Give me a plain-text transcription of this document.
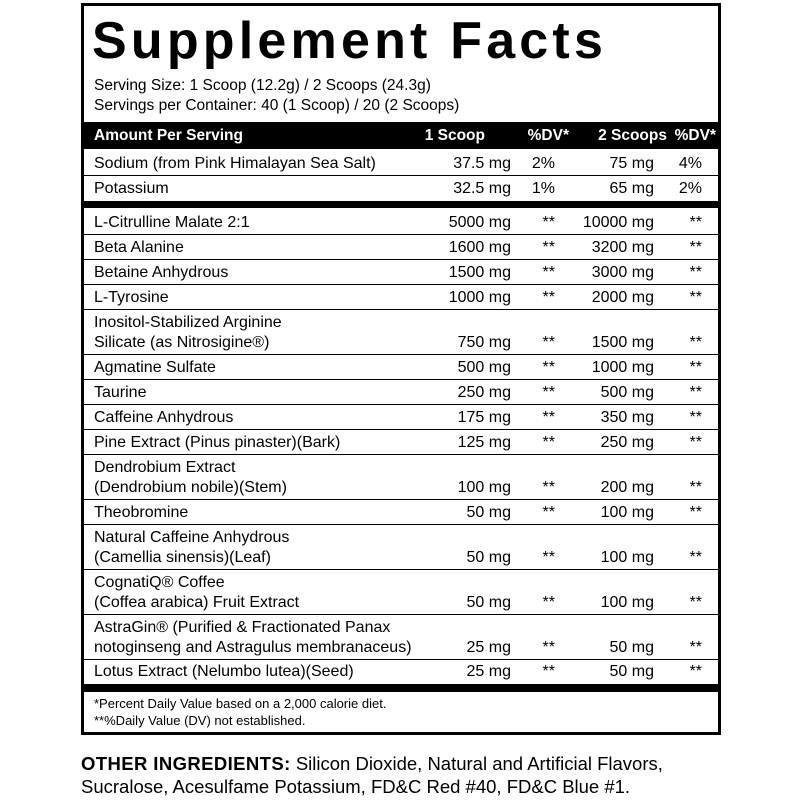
Supplement Facts
Serving Size: 1 Scoop (12.2g) / 2 Scoops (24.3g)
Servings per Container: 40 (1 Scoop) / 20 (2 Scoops)
Amount Per Serving	1 Scoop	%DV* 2 Scoops %DV*
Sodium (from Pink Himalayan Sea Salt)	37.5 mg 2%	75 mg 4%
Potassium	32.5 mg 1%	65 mg 2%
L-Citrulline Malate 2:1	5000 mg ** 10000 mg **
Beta Alanine	1600 mg ** 3200 mg **
Betaine Anhydrous	1500 mg ** 3000 mg **
L-Tyrosine	1000 mg ** 2000 mg **
Inositol-Stabilized Arginine
Silicate (as Nitrosigine®)	750 mg ** 1500 mg **
Agmatine Sulfate	500 mg ** 1000 mg **
Taurine	250 mg **	500 mg **
Caffeine Anhydrous	175 mg **	350 mg **
Pine Extract (Pinus pinaster)(Bark)	125 mg **	250 mg **
Dendrobium Extract
(Dendrobium nobile)(Stem)	100 mg **	200 mg **
Theobromine	50 mg **	100 mg **
Natural Caffeine Anhydrous
(Camellia sinensis)(Leaf)	50 mg **	100 mg **
CognatiQ® Coffee
(Coffea arabica) Fruit Extract	50 mg **	100 mg **
AstraGin® (Purified & Fractionated Panax
notoginseng and Astragulus membranaceus)	25 mg **	50 mg **
Lotus Extract (Nelumbo lutea)(Seed)	25 mg **	50 mg **
*Percent Daily Value based on a 2,000 calorie diet.
**%Daily Value (DV) not established.
OTHER INGREDIENTS: Silicon Dioxide, Natural and Artificial Flavors, Sucralose, Acesulfame Potassium, FD&C Red #40, FD&C Blue #1.
